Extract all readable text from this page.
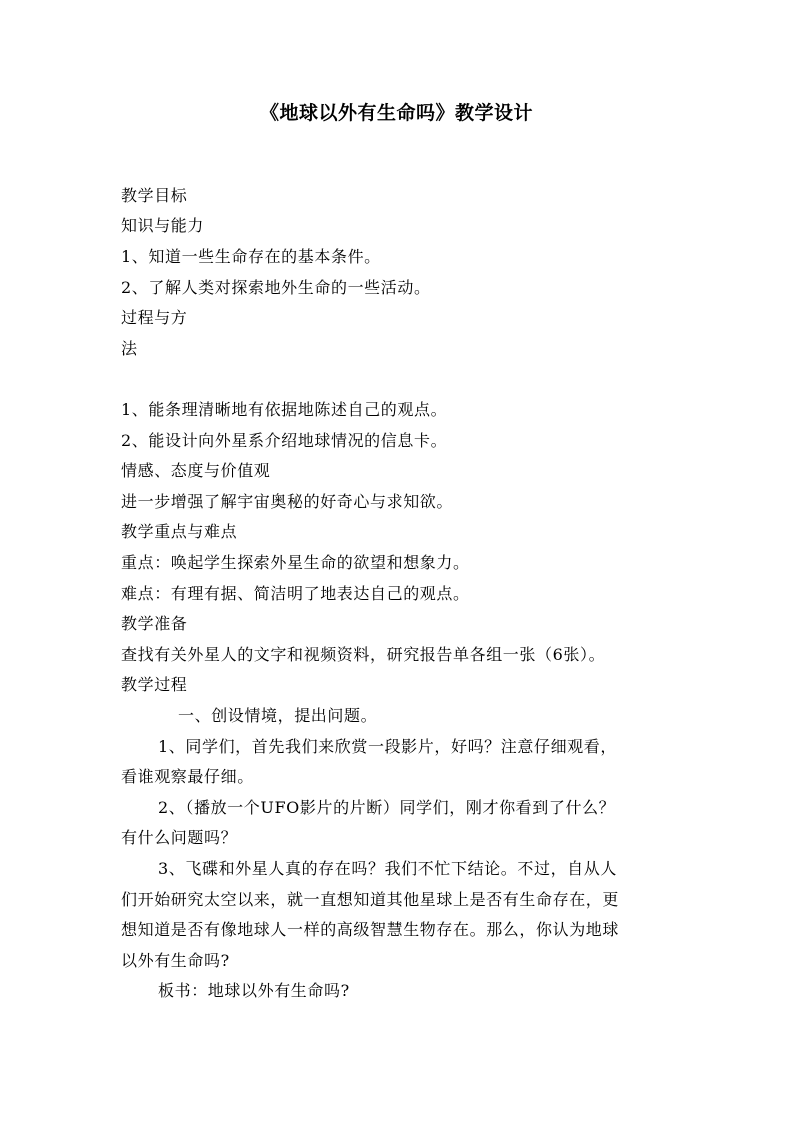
《地球以外有生命吗》教学设计
教学目标
知识与能力
1、知道一些生命存在的基本条件。
2、了解人类对探索地外生命的一些活动。
过程与方
法
1、能条理清晰地有依据地陈述自己的观点。
2、能设计向外星系介绍地球情况的信息卡。
情感、态度与价值观
进一步增强了解宇宙奥秘的好奇心与求知欲。
教学重点与难点
重点：唤起学生探索外星生命的欲望和想象力。
难点：有理有据、简洁明了地表达自己的观点。
教学准备
查找有关外星人的文字和视频资料，研究报告单各组一张（6张）。
教学过程
一、创设情境，提出问题。
1、同学们，首先我们来欣赏一段影片，好吗？注意仔细观看，
看谁观察最仔细。
2、（播放一个UFO影片的片断）同学们，刚才你看到了什么？
有什么问题吗？
3、飞碟和外星人真的存在吗？我们不忙下结论。不过，自从人
们开始研究太空以来，就一直想知道其他星球上是否有生命存在，更
想知道是否有像地球人一样的高级智慧生物存在。那么，你认为地球
以外有生命吗?
板书：地球以外有生命吗?
